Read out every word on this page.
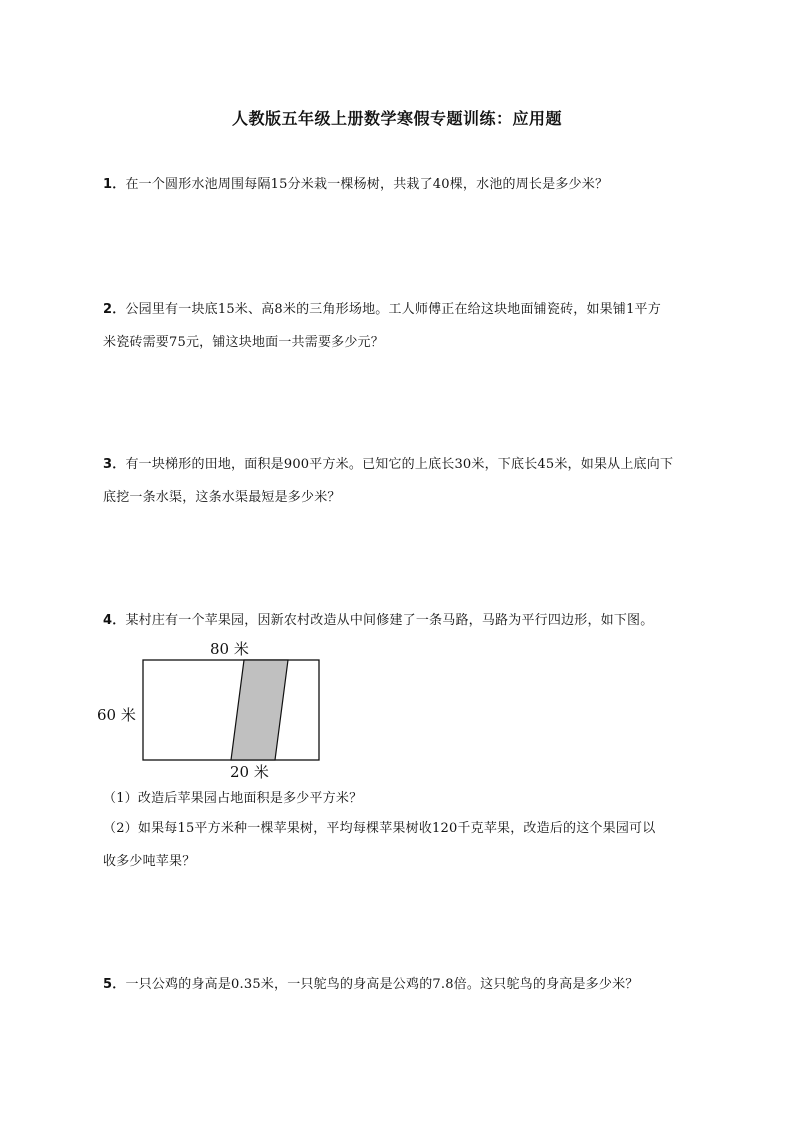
人教版五年级上册数学寒假专题训练：应用题
1．在一个圆形水池周围每隔15分米栽一棵杨树，共栽了40棵，水池的周长是多少米？
2．公园里有一块底15米、高8米的三角形场地。工人师傅正在给这块地面铺瓷砖，如果铺1平方
米瓷砖需要75元，铺这块地面一共需要多少元？
3．有一块梯形的田地，面积是900平方米。已知它的上底长30米，下底长45米，如果从上底向下
底挖一条水渠，这条水渠最短是多少米？
4．某村庄有一个苹果园，因新农村改造从中间修建了一条马路，马路为平行四边形，如下图。
80 米
60 米
20 米
（1）改造后苹果园占地面积是多少平方米？
（2）如果每15平方米种一棵苹果树，平均每棵苹果树收120千克苹果，改造后的这个果园可以
收多少吨苹果？
5．一只公鸡的身高是0.35米，一只鸵鸟的身高是公鸡的7.8倍。这只鸵鸟的身高是多少米？
